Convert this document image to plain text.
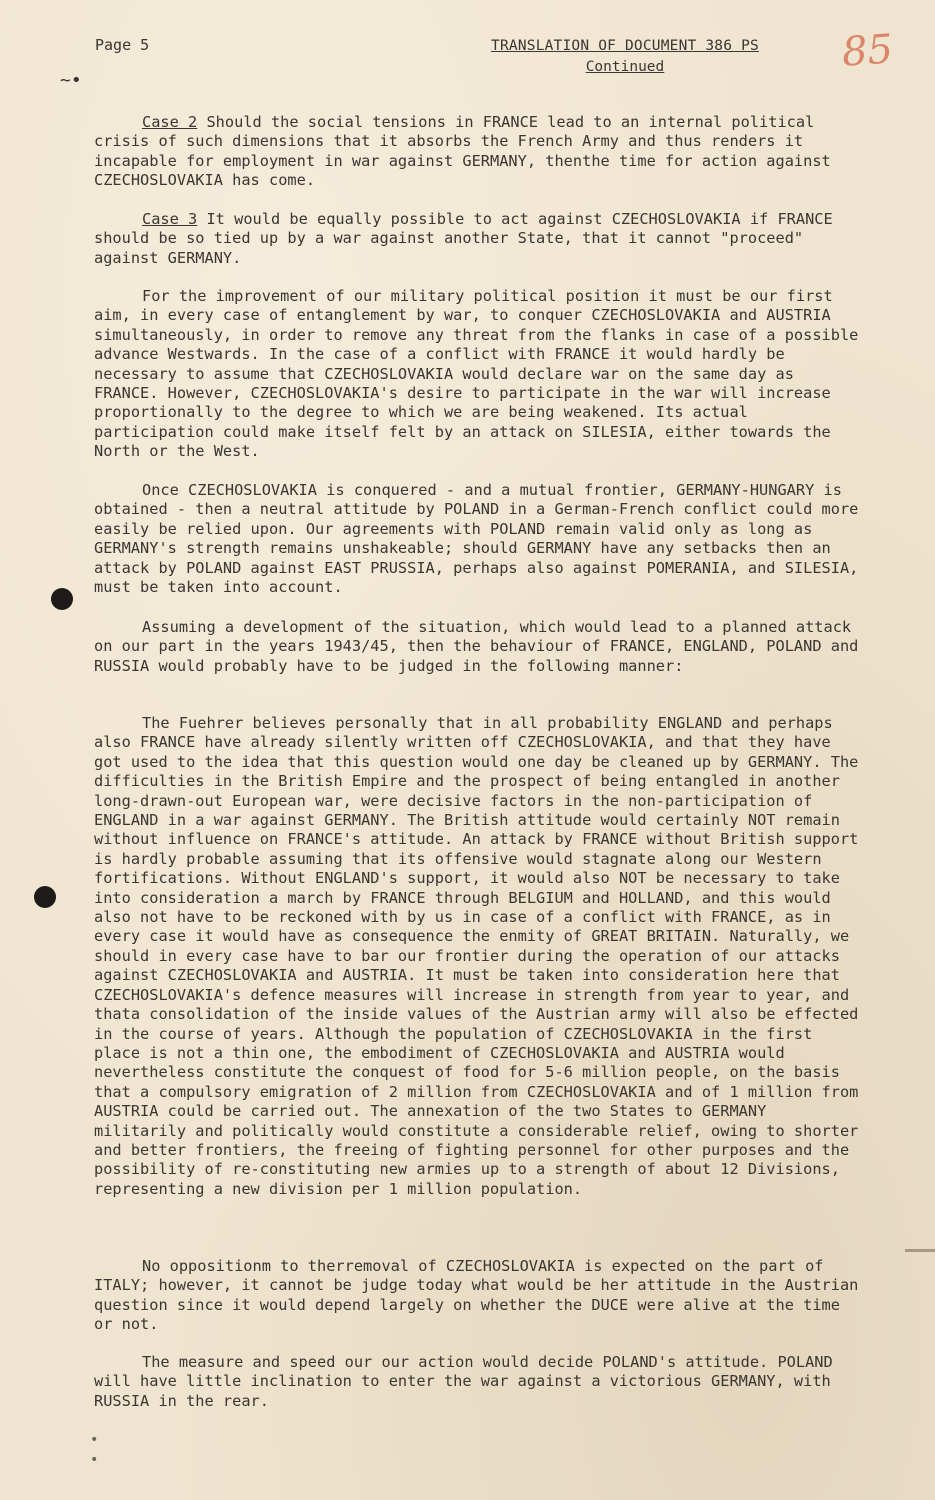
Page 5	TRANSLATION OF DOCUMENT 386 PS
Continued	85
~•

Case 2 Should the social tensions in FRANCE lead to an internal political crisis of such dimensions that it absorbs the French Army and thus renders it incapable for employment in war against GERMANY, thenthe time for action against CZECHOSLOVAKIA has come.

Case 3 It would be equally possible to act against CZECHOSLOVAKIA if FRANCE should be so tied up by a war against another State, that it cannot "proceed" against GERMANY.

For the improvement of our military political position it must be our first aim, in every case of entanglement by war, to conquer CZECHOSLOVAKIA and AUSTRIA simultaneously, in order to remove any threat from the flanks in case of a possible advance Westwards. In the case of a conflict with FRANCE it would hardly be necessary to assume that CZECHOSLOVAKIA would declare war on the same day as FRANCE. However, CZECHOSLOVAKIA's desire to participate in the war will increase proportionally to the degree to which we are being weakened. Its actual participation could make itself felt by an attack on SILESIA, either towards the North or the West.

Once CZECHOSLOVAKIA is conquered - and a mutual frontier, GERMANY-HUNGARY is obtained - then a neutral attitude by POLAND in a German-French conflict could more easily be relied upon. Our agreements with POLAND remain valid only as long as GERMANY's strength remains unshakeable; should GERMANY have any setbacks then an attack by POLAND against EAST PRUSSIA, perhaps also against POMERANIA, and SILESIA, must be taken into account.

Assuming a development of the situation, which would lead to a planned attack on our part in the years 1943/45, then the behaviour of FRANCE, ENGLAND, POLAND and RUSSIA would probably have to be judged in the following manner:

The Fuehrer believes personally that in all probability ENGLAND and perhaps also FRANCE have already silently written off CZECHOSLOVAKIA, and that they have got used to the idea that this question would one day be cleaned up by GERMANY. The difficulties in the British Empire and the prospect of being entangled in another long-drawn-out European war, were decisive factors in the non-participation of ENGLAND in a war against GERMANY. The British attitude would certainly NOT remain without influence on FRANCE's attitude. An attack by FRANCE without British support is hardly probable assuming that its offensive would stagnate along our Western fortifications. Without ENGLAND's support, it would also NOT be necessary to take into consideration a march by FRANCE through BELGIUM and HOLLAND, and this would also not have to be reckoned with by us in case of a conflict with FRANCE, as in every case it would have as consequence the enmity of GREAT BRITAIN. Naturally, we should in every case have to bar our frontier during the operation of our attacks against CZECHOSLOVAKIA and AUSTRIA. It must be taken into consideration here that CZECHOSLOVAKIA's defence measures will increase in strength from year to year, and thata consolidation of the inside values of the Austrian army will also be effected in the course of years. Although the population of CZECHOSLOVAKIA in the first place is not a thin one, the embodiment of CZECHOSLOVAKIA and AUSTRIA would nevertheless constitute the conquest of food for 5-6 million people, on the basis that a compulsory emigration of 2 million from CZECHOSLOVAKIA and of 1 million from AUSTRIA could be carried out. The annexation of the two States to GERMANY militarily and politically would constitute a considerable relief, owing to shorter and better frontiers, the freeing of fighting personnel for other purposes and the possibility of re-constituting new armies up to a strength of about 12 Divisions, representing a new division per 1 million population.

No oppositionm to therremoval of CZECHOSLOVAKIA is expected on the part of ITALY; however, it cannot be judge today what would be her attitude in the Austrian question since it would depend largely on whether the DUCE were alive at the time or not.

The measure and speed our our action would decide POLAND's attitude. POLAND will have little inclination to enter the war against a victorious GERMANY, with RUSSIA in the rear.

•
•
